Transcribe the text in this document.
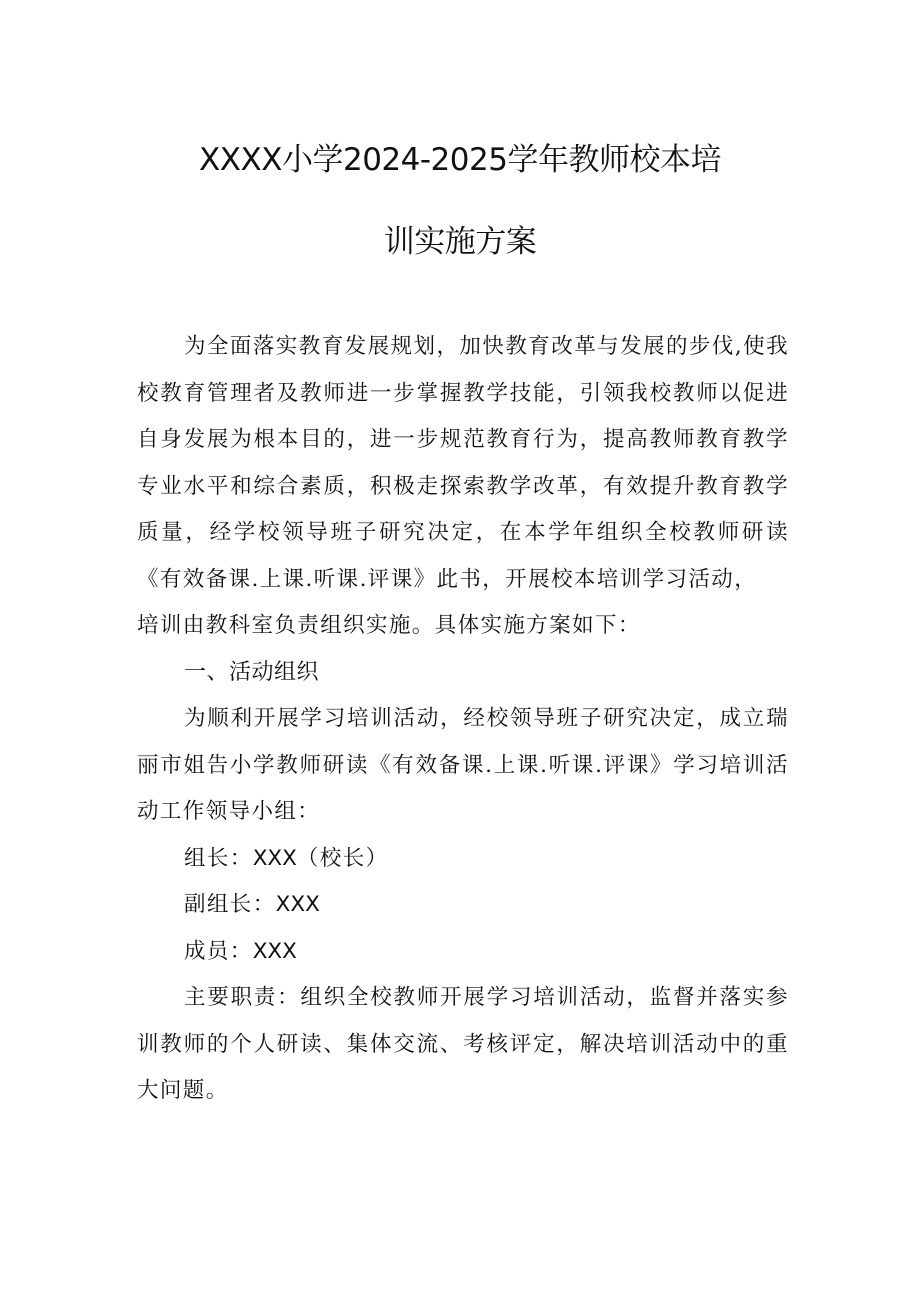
XXXX小学2024-2025学年教师校本培
训实施方案

为全面落实教育发展规划，加快教育改革与发展的步伐,使我校教育管理者及教师进一步掌握教学技能，引领我校教师以促进自身发展为根本目的，进一步规范教育行为，提高教师教育教学专业水平和综合素质，积极走探索教学改革，有效提升教育教学质量，经学校领导班子研究决定，在本学年组织全校教师研读《有效备课.上课.听课.评课》此书，开展校本培训学习活动，

培训由教科室负责组织实施。具体实施方案如下：

一、活动组织

为顺利开展学习培训活动，经校领导班子研究决定，成立瑞丽市姐告小学教师研读《有效备课.上课.听课.评课》学习培训活动工作领导小组：

组长：XXX（校长）

副组长：XXX

成员：XXX

主要职责：组织全校教师开展学习培训活动，监督并落实参训教师的个人研读、集体交流、考核评定，解决培训活动中的重大问题。
